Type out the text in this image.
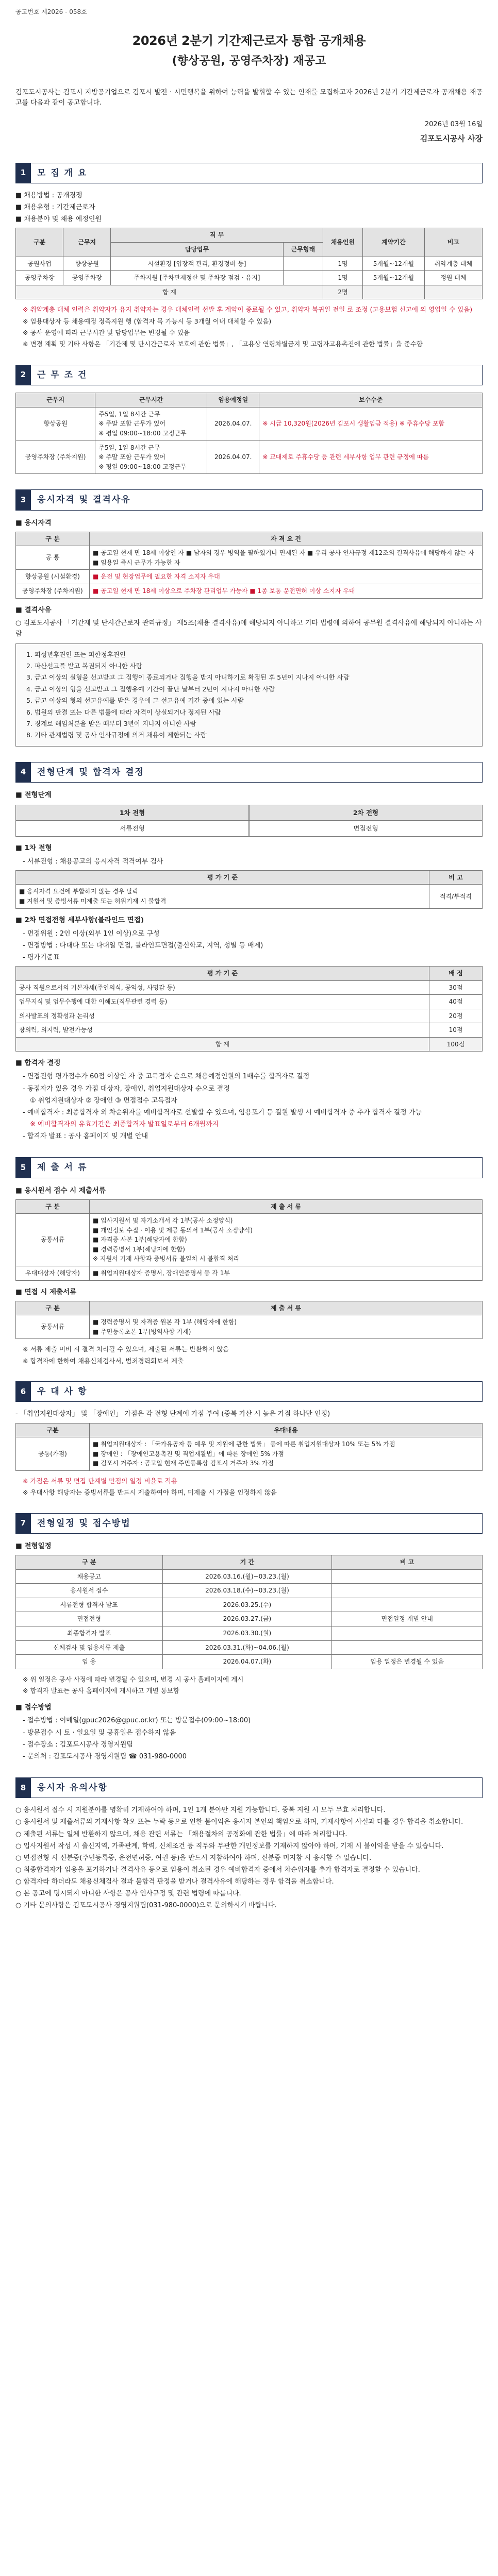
공고번호 제2026 - 058호
2026년 2분기 기간제근로자 통합 공개채용
(향상공원, 공영주차장) 재공고

김포도시공사는 김포시 지방공기업으로 김포시 발전 · 시민행복을 위하여 능력을 발휘할 수 있는 인재를 모집하고자 2026년 2분기 기간제근로자 공개채용 재공고를 다음과 같이 공고합니다.

2026년 03월 16일
김포도시공사 사장
1	모 집 개 요
■ 채용방법 : 공개경쟁
■ 채용유형 : 기간제근로자
■ 채용분야 및 채용 예정인원
구분	근무지	직 무		채용인원	계약기간	비고
		담당업무	근무형태			
공원사업	향상공원	시설환경 [입장객 관리, 환경정비 등]		1명	5개월~12개월	취약계층 대체
공영주차장	공영주차장	주차지원 [주차관제정산 및 주차장 점검 · 유지]		1명	5개월~12개월	정원 대체
합 계				2명		
※ 취약계층 대체 인력은 취약자가 유지 취약자는 경우 대체인력 선발 후 계약이 종료될 수 있고, 취약자 복귀일 전일 로 조정 (고용보험 신고에 의 영업일 수 있음)
※ 임용대상자 등 채용예정 정족지원 행 (합격자 목 가능시 등 3개월 이내 대체할 수 있음)
※ 공사 운영에 따라 근무시간 및 담당업무는 변경될 수 있음
※ 변경 계획 및 기타 사항은 「기간제 및 단시간근로자 보호에 관한 법률」, 「고용상 연령차별금지 및 고령자고용촉진에 관한 법률」을 준수함
2	근 무 조 건
근무지	근무시간	임용예정일	보수수준
향상공원	주5일, 1일 8시간 근무
※ 주말 포함 근무가 있어
※ 평일 09:00~18:00 고정근무	2026.04.07.	※ 시급 10,320원(2026년 김포시 생활임금 적용) ※ 주휴수당 포함
공영주차장 (주차지원)	주5일, 1일 8시간 근무
※ 주말 포함 근무가 있어
※ 평일 09:00~18:00 고정근무	2026.04.07.	※ 교대제로 주휴수당 등 관련 세부사항 업무 관련 규정에 따름
3	응시자격 및 결격사유
■ 응시자격
구 분	자 격 요 건
공 통	■ 공고일 현재 만 18세 이상인 자 ■ 남자의 경우 병역을 필하였거나 면제된 자 ■ 우리 공사 인사규정 제12조의 결격사유에 해당하지 않는 자 ■ 임용일 즉시 근무가 가능한 자
향상공원 (시설환경)	■ 운전 및 현장업무에 필요한 자격 소지자 우대
공영주차장 (주차지원)	■ 공고일 현재 만 18세 이상으로 주차장 관리업무 가능자 ■ 1종 보통 운전면허 이상 소지자 우대
■ 결격사유
○ 김포도시공사 「기간제 및 단시간근로자 관리규정」 제5조(채용 결격사유)에 해당되지 아니하고 기타 법령에 의하여 공무원 결격사유에 해당되지 아니하는 사람
1. 피성년후견인 또는 피한정후견인
2. 파산선고를 받고 복권되지 아니한 사람
3. 금고 이상의 실형을 선고받고 그 집행이 종료되거나 집행을 받지 아니하기로 확정된 후 5년이 지나지 아니한 사람
4. 금고 이상의 형을 선고받고 그 집행유예 기간이 끝난 날부터 2년이 지나지 아니한 사람
5. 금고 이상의 형의 선고유예를 받은 경우에 그 선고유예 기간 중에 있는 사람
6. 법원의 판결 또는 다른 법률에 따라 자격이 상실되거나 정지된 사람
7. 징계로 해임처분을 받은 때부터 3년이 지나지 아니한 사람
8. 기타 관계법령 및 공사 인사규정에 의거 채용이 제한되는 사람
4	전형단계 및 합격자 결정
■ 전형단계
1차 전형	2차 전형
서류전형	면접전형
■ 1차 전형
- 서류전형 : 채용공고의 응시자격 적격여부 검사
평 가 기 준	비 고
■ 응시자격 요건에 부합하지 않는 경우 탈락
■ 지원서 및 증빙서류 미제출 또는 허위기재 시 불합격	적격/부적격
■ 2차 면접전형 세부사항(블라인드 면접)
- 면접위원 : 2인 이상(외부 1인 이상)으로 구성
- 면접방법 : 다대다 또는 다대일 면접, 블라인드면접(출신학교, 지역, 성별 등 배제)
- 평가기준표
평 가 기 준	배 점
공사 직원으로서의 기본자세(주인의식, 공익성, 사명감 등)	30점
업무지식 및 업무수행에 대한 이해도(직무관련 경력 등)	40점
의사발표의 정확성과 논리성	20점
창의력, 의지력, 발전가능성	10점
합 계	100점
■ 합격자 결정
- 면접전형 평가점수가 60점 이상인 자 중 고득점자 순으로 채용예정인원의 1배수를 합격자로 결정
- 동점자가 있을 경우 가점 대상자, 장애인, 취업지원대상자 순으로 결정
① 취업지원대상자 ② 장애인 ③ 면접점수 고득점자
- 예비합격자 : 최종합격자 외 차순위자를 예비합격자로 선발할 수 있으며, 임용포기 등 결원 발생 시 예비합격자 중 추가 합격자 결정 가능
※ 예비합격자의 유효기간은 최종합격자 발표일로부터 6개월까지
- 합격자 발표 : 공사 홈페이지 및 개별 안내
5	제 출 서 류
■ 응시원서 접수 시 제출서류
구 분	제 출 서 류
공통서류	■ 입사지원서 및 자기소개서 각 1부(공사 소정양식)
■ 개인정보 수집 · 이용 및 제공 동의서 1부(공사 소정양식)
■ 자격증 사본 1부(해당자에 한함)
■ 경력증명서 1부(해당자에 한함)
※ 지원서 기재 사항과 증빙서류 불일치 시 불합격 처리
우대대상자 (해당자)	■ 취업지원대상자 증명서, 장애인증명서 등 각 1부
■ 면접 시 제출서류
구 분	제 출 서 류
공통서류	■ 경력증명서 및 자격증 원본 각 1부 (해당자에 한함)
■ 주민등록초본 1부(병역사항 기재)
※ 서류 제출 미비 시 결격 처리될 수 있으며, 제출된 서류는 반환하지 않음
※ 합격자에 한하여 채용신체검사서, 범죄경력회보서 제출
6	우 대 사 항
- 「취업지원대상자」 및 「장애인」 가점은 각 전형 단계에 가점 부여 (중복 가산 시 높은 가점 하나만 인정)
구분	우대내용
공통(가점)	■ 취업지원대상자 : 「국가유공자 등 예우 및 지원에 관한 법률」 등에 따른 취업지원대상자 10% 또는 5% 가점
■ 장애인 : 「장애인고용촉진 및 직업재활법」에 따른 장애인 5% 가점
■ 김포시 거주자 : 공고일 현재 주민등록상 김포시 거주자 3% 가점
※ 가점은 서류 및 면접 단계별 만점의 일정 비율로 적용
※ 우대사항 해당자는 증빙서류를 반드시 제출하여야 하며, 미제출 시 가점을 인정하지 않음
7	전형일정 및 접수방법
■ 전형일정
구 분	기 간	비 고
채용공고	2026.03.16.(월)~03.23.(월)	
응시원서 접수	2026.03.18.(수)~03.23.(월)	
서류전형 합격자 발표	2026.03.25.(수)	
면접전형	2026.03.27.(금)	면접일정 개별 안내
최종합격자 발표	2026.03.30.(월)	
신체검사 및 임용서류 제출	2026.03.31.(화)~04.06.(월)	
임 용	2026.04.07.(화)	임용 일정은 변경될 수 있음
※ 위 일정은 공사 사정에 따라 변경될 수 있으며, 변경 시 공사 홈페이지에 게시
※ 합격자 발표는 공사 홈페이지에 게시하고 개별 통보함
■ 접수방법
- 접수방법 : 이메일(gpuc2026@gpuc.or.kr) 또는 방문접수(09:00~18:00)
- 방문접수 시 토 · 일요일 및 공휴일은 접수하지 않음
- 접수장소 : 김포도시공사 경영지원팀
- 문의처 : 김포도시공사 경영지원팀 ☎ 031-980-0000
8	응시자 유의사항
○ 응시원서 접수 시 지원분야를 명확히 기재하여야 하며, 1인 1개 분야만 지원 가능합니다. 중복 지원 시 모두 무효 처리합니다.
○ 응시원서 및 제출서류의 기재사항 착오 또는 누락 등으로 인한 불이익은 응시자 본인의 책임으로 하며, 기재사항이 사실과 다를 경우 합격을 취소합니다.
○ 제출된 서류는 일체 반환하지 않으며, 채용 관련 서류는 「채용절차의 공정화에 관한 법률」에 따라 처리합니다.
○ 입사지원서 작성 시 출신지역, 가족관계, 학력, 신체조건 등 직무와 무관한 개인정보를 기재하지 않아야 하며, 기재 시 불이익을 받을 수 있습니다.
○ 면접전형 시 신분증(주민등록증, 운전면허증, 여권 등)을 반드시 지참하여야 하며, 신분증 미지참 시 응시할 수 없습니다.
○ 최종합격자가 임용을 포기하거나 결격사유 등으로 임용이 취소된 경우 예비합격자 중에서 차순위자를 추가 합격자로 결정할 수 있습니다.
○ 합격자라 하더라도 채용신체검사 결과 불합격 판정을 받거나 결격사유에 해당하는 경우 합격을 취소합니다.
○ 본 공고에 명시되지 아니한 사항은 공사 인사규정 및 관련 법령에 따릅니다.
○ 기타 문의사항은 김포도시공사 경영지원팀(031-980-0000)으로 문의하시기 바랍니다.
